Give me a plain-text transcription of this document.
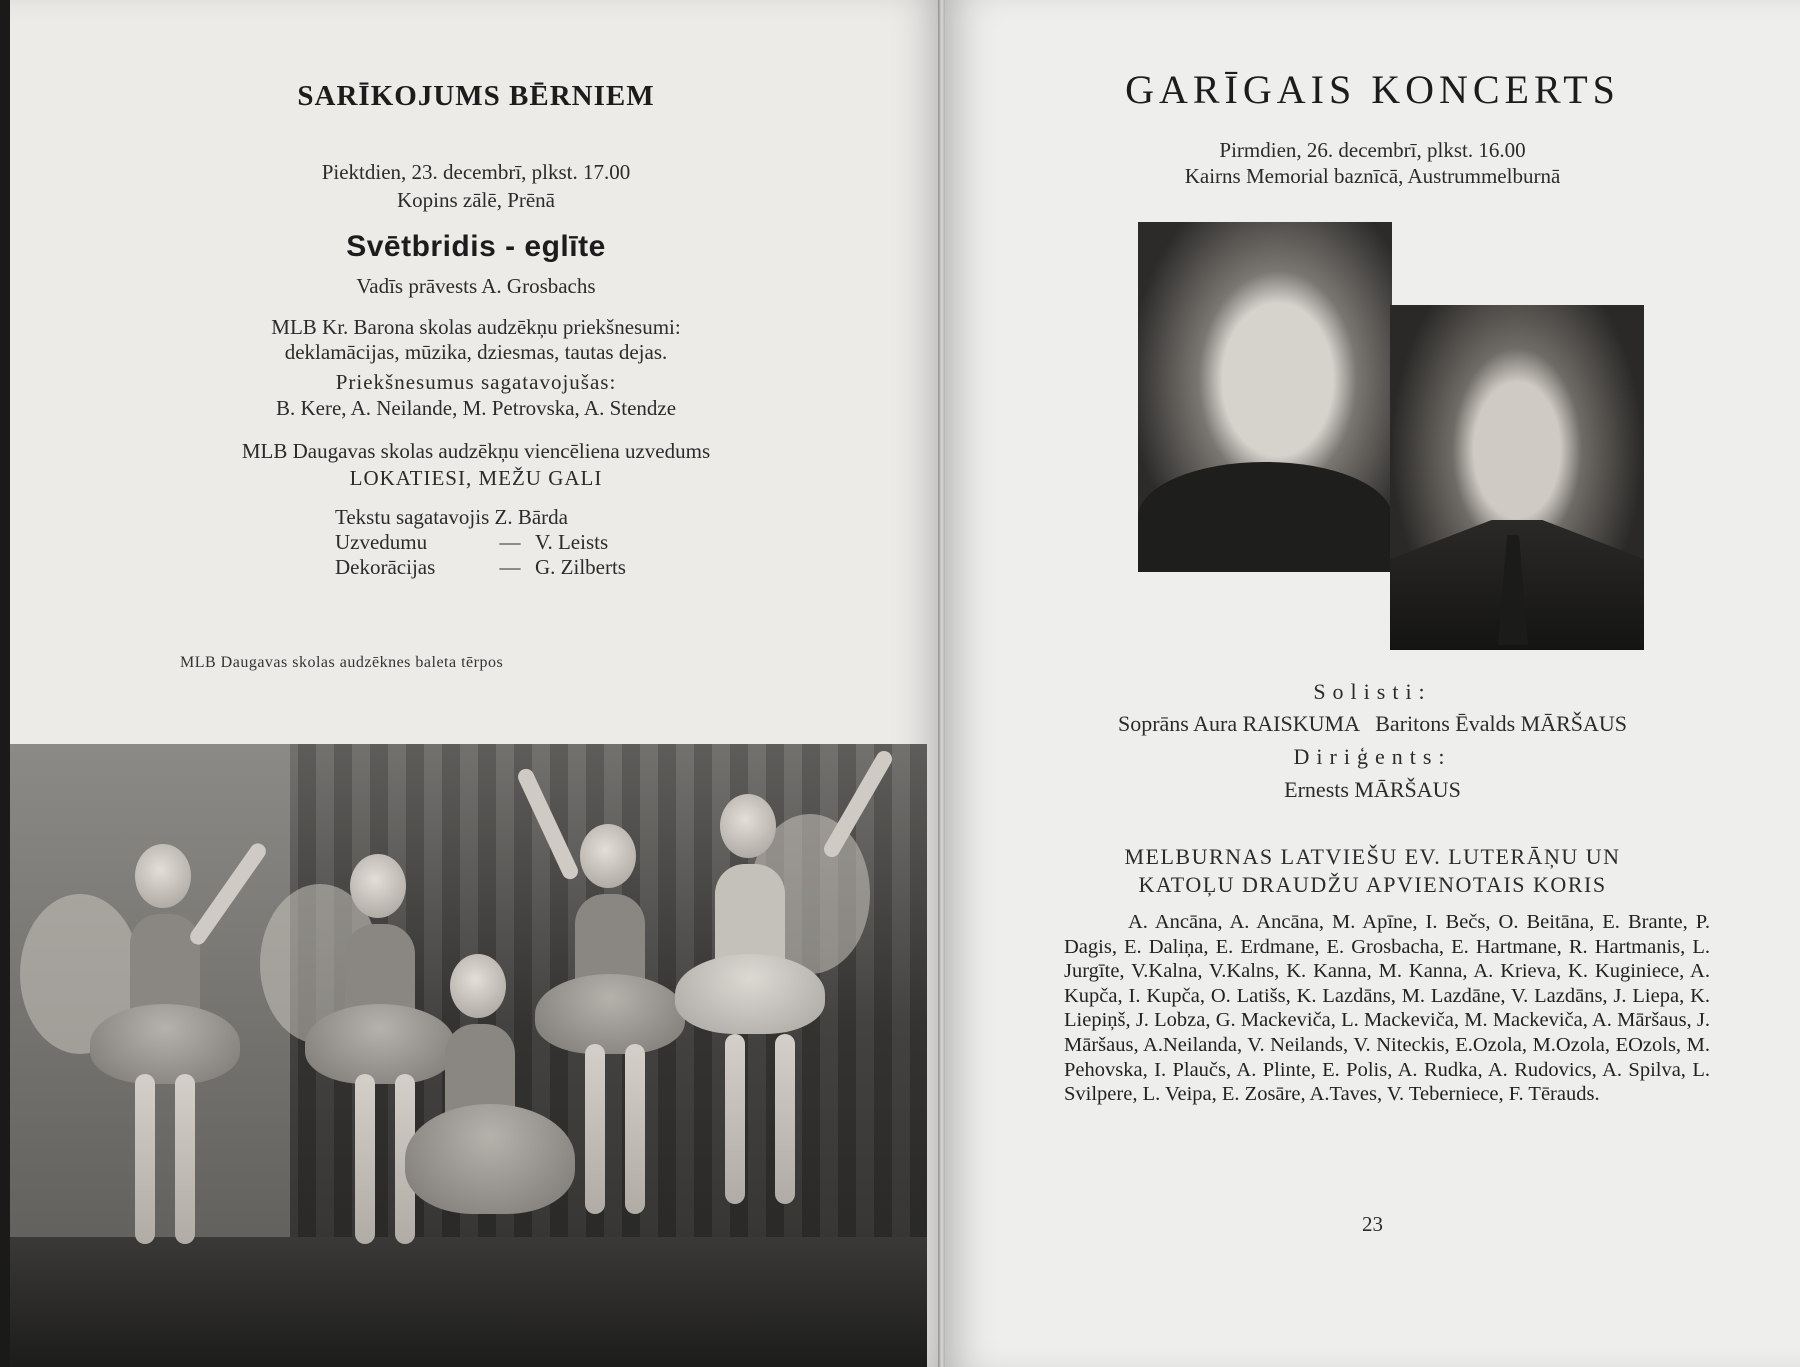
SARĪKOJUMS BĒRNIEM
Piektdien, 23. decembrī, plkst. 17.00
Kopins zālē, Prēnā
Svētbridis - eglīte
Vadīs prāvests A. Grosbachs
MLB Kr. Barona skolas audzēkņu priekšnesumi:
deklamācijas, mūzika, dziesmas, tautas dejas.
Priekšnesumus sagatavojušas:
B. Kere, A. Neilande, M. Petrovska, A. Stendze
MLB Daugavas skolas audzēkņu viencēliena uzvedums
LOKATIESI, MEŽU GALI
Tekstu sagatavojis Z. Bārda
Uzvedumu	— V. Leists
Dekorācijas	— G. Zilberts
MLB Daugavas skolas audzēknes baleta tērpos
GARĪGAIS KONCERTS
Pirmdien, 26. decembrī, plkst. 16.00
Kairns Memorial baznīcā, Austrummelburnā
Solisti:
Soprāns Aura RAISKUMA   Baritons Ēvalds MĀRŠAUS
Diriģents:
Ernests MĀRŠAUS
MELBURNAS LATVIEŠU EV. LUTERĀŅU UN
KATOĻU DRAUDŽU APVIENOTAIS KORIS
A. Ancāna, A. Ancāna, M. Apīne, I. Bečs, O. Beitāna, E. Brante, P. Dagis, E. Daliņa, E. Erdmane, E. Grosbacha, E. Hartmane, R. Hartmanis, L. Jurgīte, V.Kalna, V.Kalns, K. Kanna, M. Kanna, A. Krieva, K. Kuginiece, A. Kupča, I. Kupča, O. Latišs, K. Lazdāns, M. Lazdāne, V. Lazdāns, J. Liepa, K. Liepiņš, J. Lobza, G. Mackeviča, L. Mackeviča, M. Mackeviča, A. Māršaus, J. Māršaus, A.Neilanda, V. Neilands, V. Niteckis, E.Ozola, M.Ozola, EOzols, M. Pehovska, I. Plaučs, A. Plinte, E. Polis, A. Rudka, A. Rudovics, A. Spilva, L. Svilpere, L. Veipa, E. Zosāre, A.Taves, V. Teberniece, F. Tērauds.
23
